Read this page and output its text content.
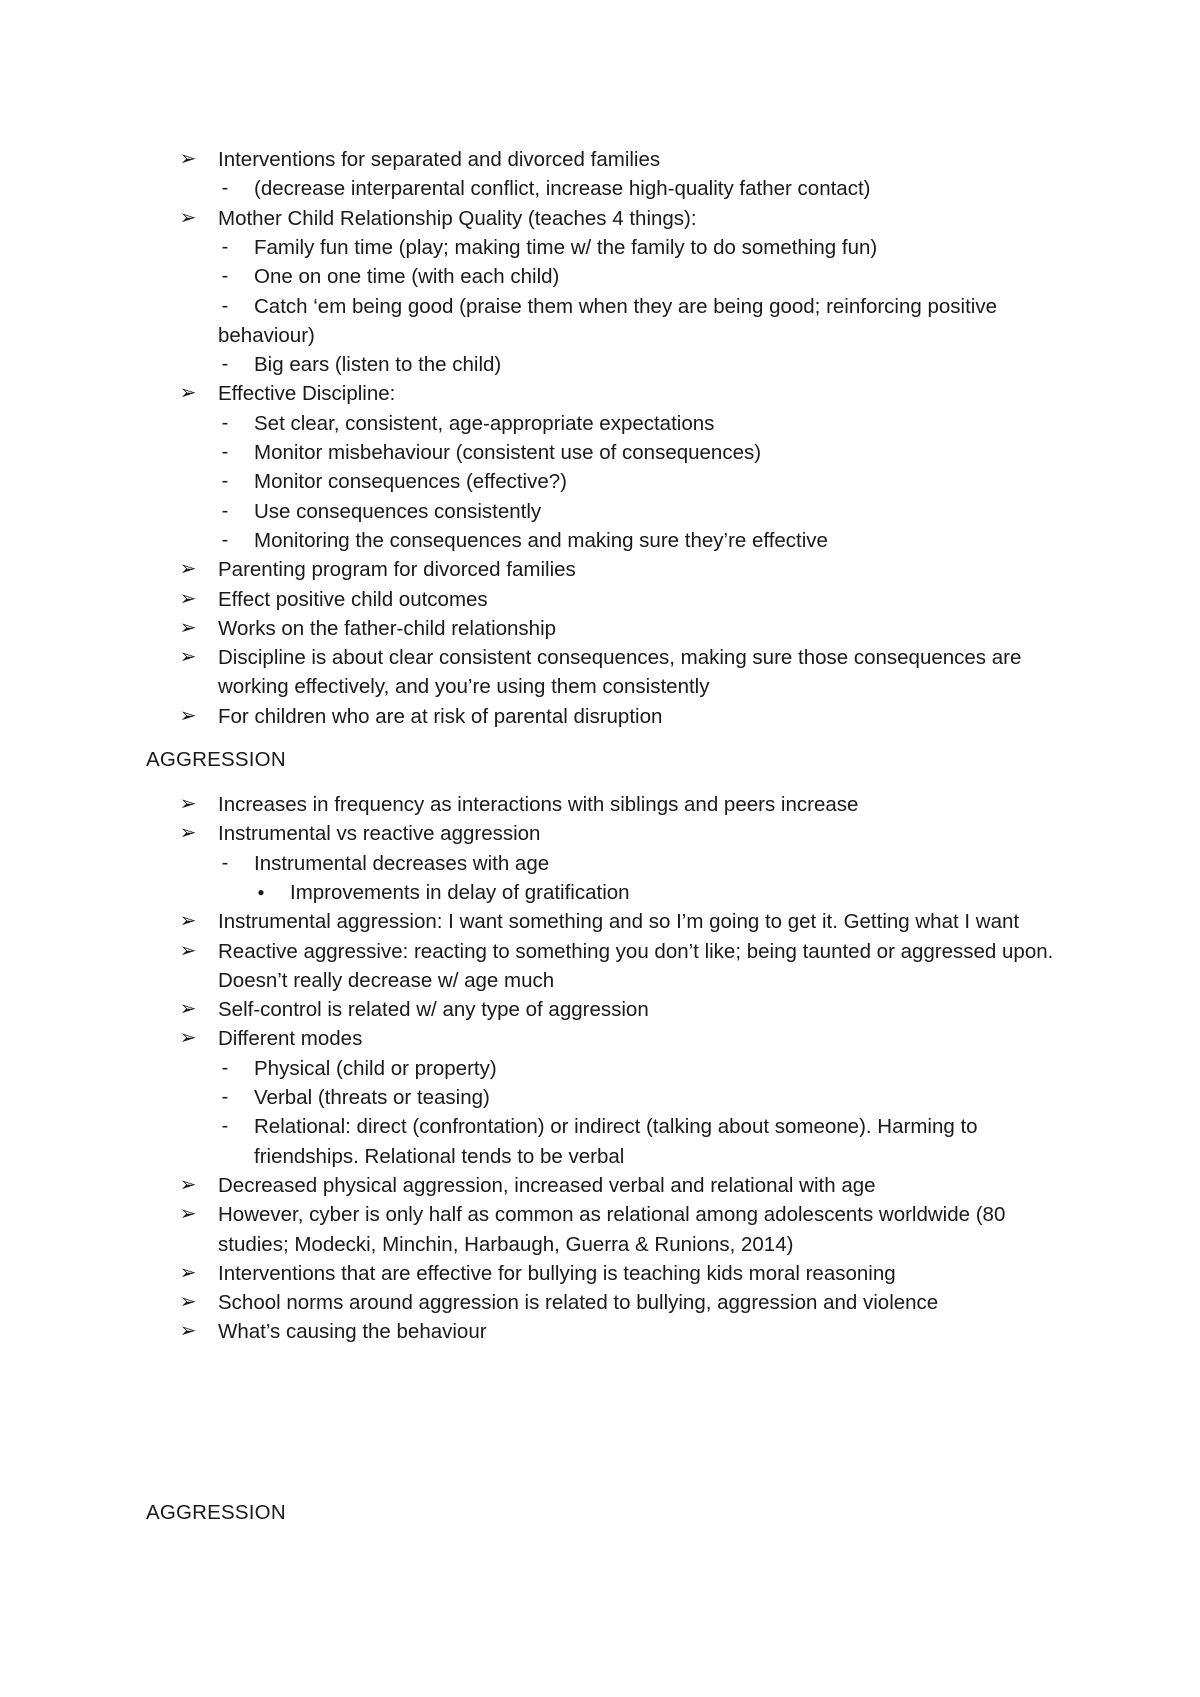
➢ Interventions for separated and divorced families
-	(decrease interparental conflict, increase high-quality father contact)
➢ Mother Child Relationship Quality (teaches 4 things):
-	Family fun time (play; making time w/ the family to do something fun)
-	One on one time (with each child)
-	Catch ‘em being good (praise them when they are being good; reinforcing positive
behaviour)
-	Big ears (listen to the child)
➢ Effective Discipline:
-	Set clear, consistent, age-appropriate expectations
-	Monitor misbehaviour (consistent use of consequences)
-	Monitor consequences (effective?)
-	Use consequences consistently
-	Monitoring the consequences and making sure they’re effective
➢ Parenting program for divorced families
➢ Effect positive child outcomes
➢ Works on the father-child relationship
➢ Discipline is about clear consistent consequences, making sure those consequences are
working effectively, and you’re using them consistently
➢ For children who are at risk of parental disruption
AGGRESSION
➢ Increases in frequency as interactions with siblings and peers increase
➢ Instrumental vs reactive aggression
-	Instrumental decreases with age
●	Improvements in delay of gratification
➢ Instrumental aggression: I want something and so I’m going to get it. Getting what I want
➢ Reactive aggressive: reacting to something you don’t like; being taunted or aggressed upon.
Doesn’t really decrease w/ age much
➢ Self-control is related w/ any type of aggression
➢ Different modes
-	Physical (child or property)
-	Verbal (threats or teasing)
-	Relational: direct (confrontation) or indirect (talking about someone). Harming to
friendships. Relational tends to be verbal
➢ Decreased physical aggression, increased verbal and relational with age
➢ However, cyber is only half as common as relational among adolescents worldwide (80
studies; Modecki, Minchin, Harbaugh, Guerra & Runions, 2014)
➢ Interventions that are effective for bullying is teaching kids moral reasoning
➢ School norms around aggression is related to bullying, aggression and violence
➢ What’s causing the behaviour
AGGRESSION
